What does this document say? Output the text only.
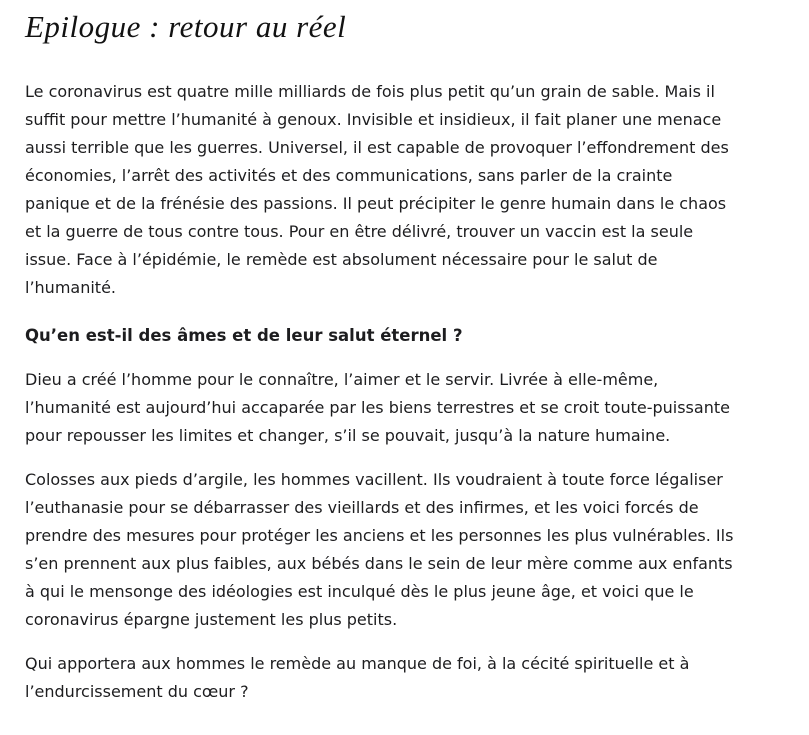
Epilogue : retour au réel

Le coronavirus est quatre mille milliards de fois plus petit qu’un grain de sable. Mais il suffit pour mettre l’humanité à genoux. Invisible et insidieux, il fait planer une menace aussi terrible que les guerres. Universel, il est capable de provoquer l’effondrement des économies, l’arrêt des activités et des communications, sans parler de la crainte panique et de la frénésie des passions. Il peut précipiter le genre humain dans le chaos et la guerre de tous contre tous. Pour en être délivré, trouver un vaccin est la seule issue. Face à l’épidémie, le remède est absolument nécessaire pour le salut de l’humanité.

Qu’en est-il des âmes et de leur salut éternel ?

Dieu a créé l’homme pour le connaître, l’aimer et le servir. Livrée à elle-même, l’humanité est aujourd’hui accaparée par les biens terrestres et se croit toute-puissante pour repousser les limites et changer, s’il se pouvait, jusqu’à la nature humaine.

Colosses aux pieds d’argile, les hommes vacillent. Ils voudraient à toute force légaliser l’euthanasie pour se débarrasser des vieillards et des infirmes, et les voici forcés de prendre des mesures pour protéger les anciens et les personnes les plus vulnérables. Ils s’en prennent aux plus faibles, aux bébés dans le sein de leur mère comme aux enfants à qui le mensonge des idéologies est inculqué dès le plus jeune âge, et voici que le coronavirus épargne justement les plus petits.

Qui apportera aux hommes le remède au manque de foi, à la cécité spirituelle et à l’endurcissement du cœur ?
